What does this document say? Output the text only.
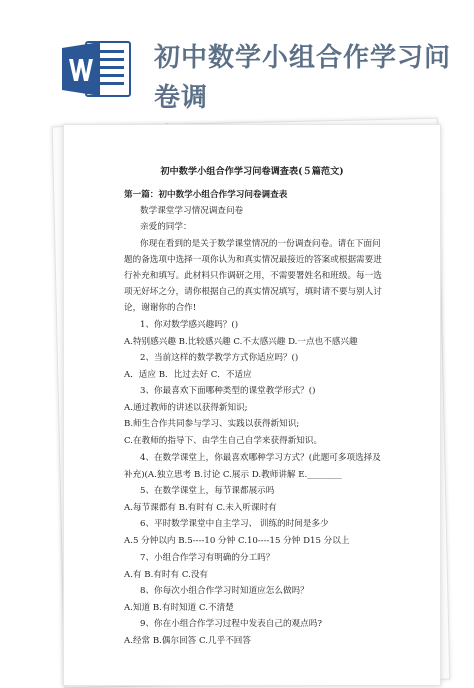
初中数学小组合作学习问卷调
初中数学小组合作学习问卷调查表(５篇范文)
第一篇：初中数学小组合作学习问卷调查表
数学课堂学习情况调查问卷
亲爱的同学：
你现在看到的是关于数学课堂情况的一份调查问卷。请在下面问
题的备选项中选择一项你认为和真实情况最接近的答案或根据需要进
行补充和填写。此材料只作调研之用，不需要署姓名和班级。每一选
项无好坏之分，请你根据自己的真实情况填写，填时请不要与别人讨
论，谢谢你的合作!
1、你对数学感兴趣吗？()
A.特别感兴趣 B.比较感兴趣 C.不太感兴趣 D.一点也不感兴趣
2、当前这样的数学教学方式你适应吗？()
A．适应 B．比过去好 C．不适应
3、你最喜欢下面哪种类型的课堂教学形式？()
A.通过教师的讲述以获得新知识;
B.师生合作共同参与学习、实践以获得新知识;
C.在教师的指导下、由学生自己自学来获得新知识。
4、在数学课堂上，你最喜欢哪种学习方式？(此题可多项选择及
补充)(A.独立思考 B.讨论 C.展示 D.教师讲解 E.________
5、在数学课堂上，每节课都展示吗
A.每节课都有 B.有时有 C.未入听课时有
6、平时数学课堂中自主学习、 训练的时间是多少
A.5 分钟以内 B.5----10 分钟 C.10----15 分钟 D15 分以上
7、小组合作学习有明确的分工吗？
A.有 B.有时有 C.没有
8、你每次小组合作学习时知道应怎么做吗？
A.知道 B.有时知道 C.不清楚
9、你在小组合作学习过程中发表自己的观点吗?
A.经常 B.偶尔回答 C.几乎不回答
